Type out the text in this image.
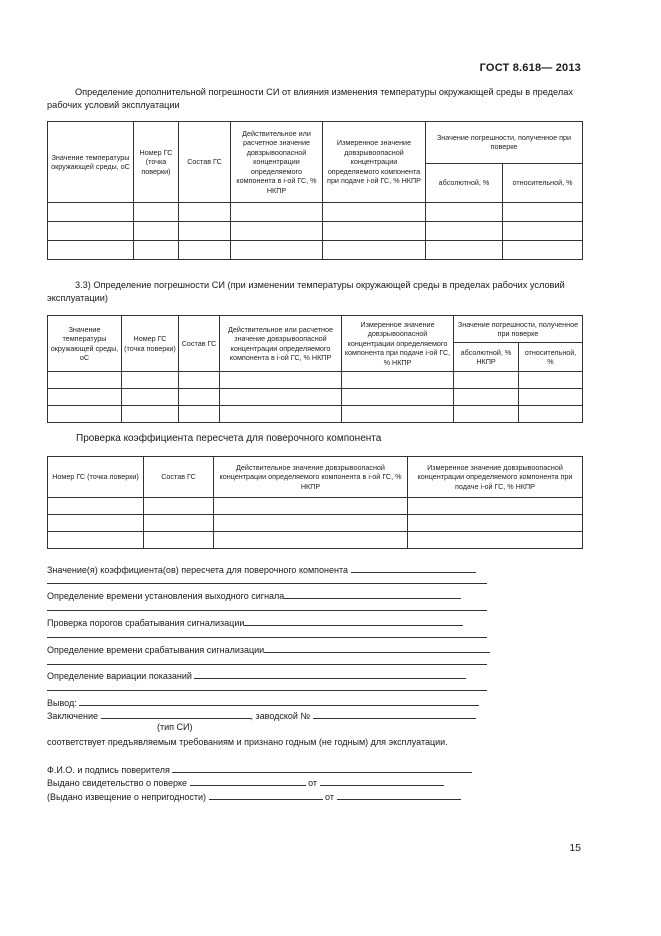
ГОСТ 8.618— 2013
Определение дополнительной погрешности СИ от влияния изменения температуры окружающей среды в пределах рабочих условий эксплуатации
Значение температуры окружающей среды, оС	Номер ГС (точка поверки)	Состав ГС	Действительное или расчетное значение довзрывоопасной концентрации определяемого компонента в i-ой ГС, % НКПР	Измеренное значение довзрывоопасной концентрации определяемого компонента при подаче i-ой ГС, % НКПР	Значение погрешности, полученное при поверке	
					абсолютной, %	относительной, %

3.3) Определение погрешности СИ (при изменении температуры окружающей среды в пределах рабочих условий эксплуатации)
Значение температуры окружающей среды, оС	Номер ГС (точка поверки)	Состав ГС	Действительное или расчетное значение довзрывоопасной концентрации определяемого компонента в i-ой ГС, % НКПР	Измеренное значение довзрывоопасной концентрации определяемого компонента при подаче i-ой ГС, % НКПР	Значение погрешности, полученное при поверке	
					абсолютной, % НКПР	относительной, %

Проверка коэффициента пересчета для поверочного компонента
Номер ГС (точка поверки)	Состав ГС	Действительное значение довзрывоопасной концентрации определяемого компонента в i-ой ГС, % НКПР	Измеренное значение довзрывоопасной концентрации определяемого компонента при подаче i-ой ГС, % НКПР

Значение(я) коэффициента(ов) пересчета для поверочного компонента
Определение времени установления выходного сигнала
Проверка порогов срабатывания сигнализации
Определение времени срабатывания сигнализации
Определение вариации показаний
Вывод:
Заключение	, заводской №
(тип СИ)
соответствует предъявляемым требованиям и признано годным (не годным) для эксплуатации.
Ф.И.О. и подпись поверителя
Выдано свидетельство о поверке	от
(Выдано извещение о непригодности)	от
15
